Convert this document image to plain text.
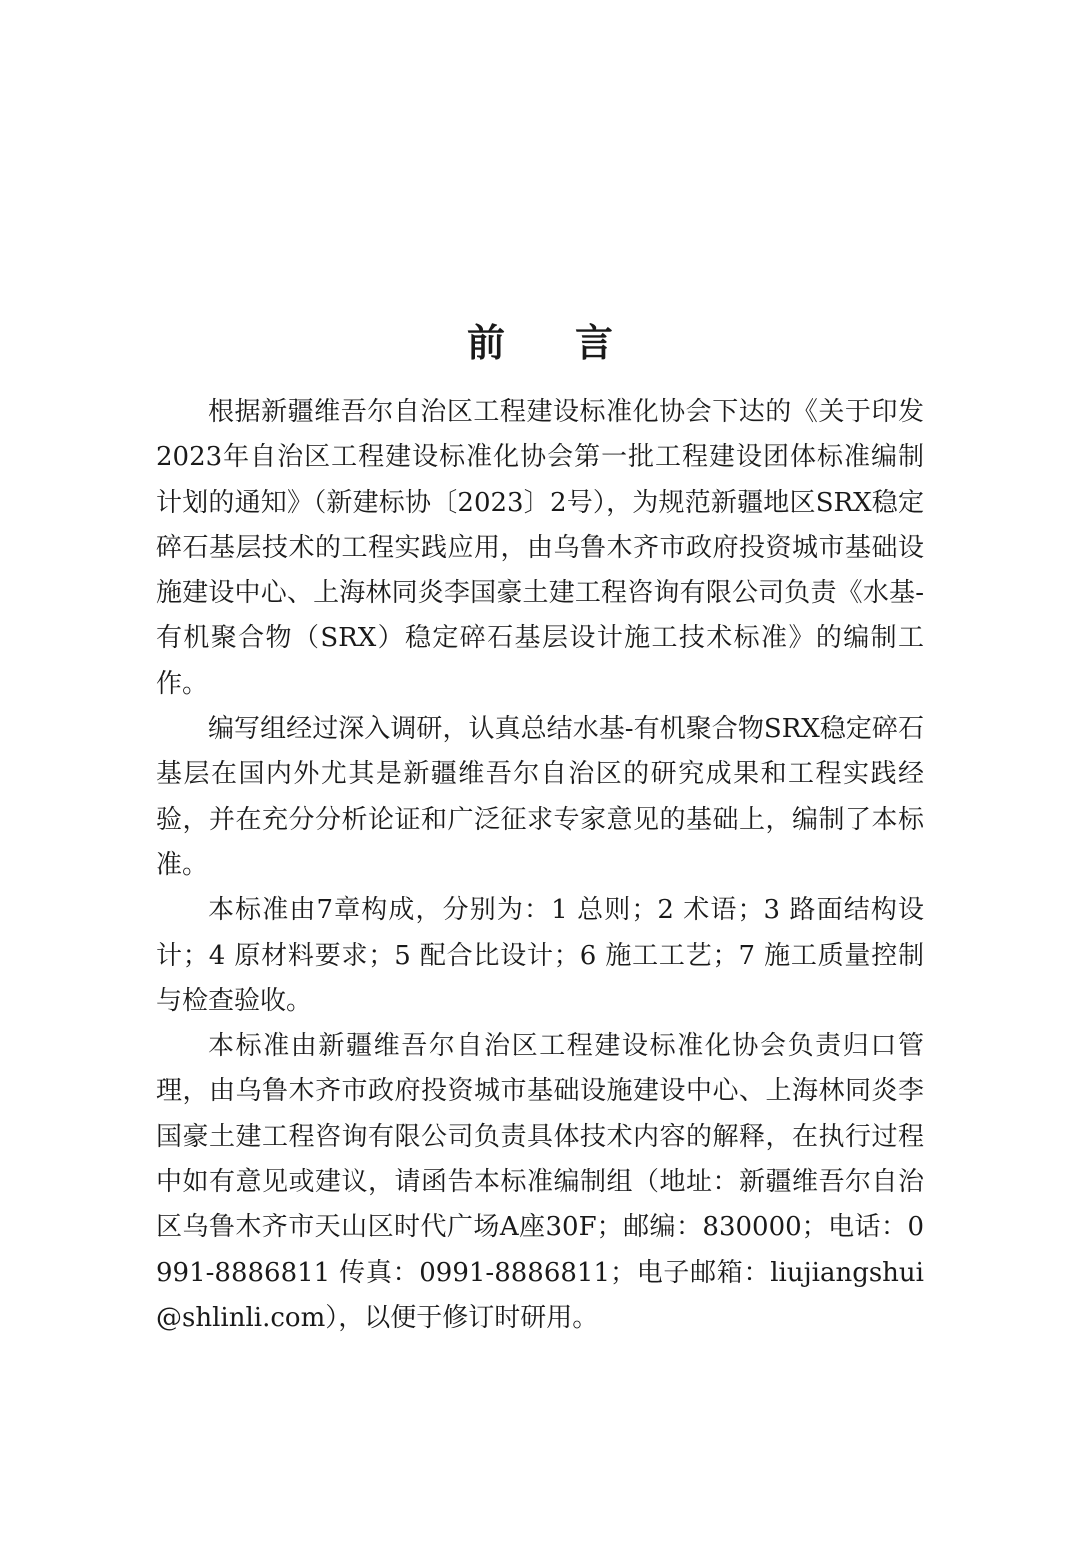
前言

根据新疆维吾尔自治区工程建设标准化协会下达的《关于印发2023年自治区工程建设标准化协会第一批工程建设团体标准编制计划的通知》（新建标协〔2023〕2号），为规范新疆地区SRX稳定碎石基层技术的工程实践应用，由乌鲁木齐市政府投资城市基础设施建设中心、上海林同炎李国豪土建工程咨询有限公司负责《水基-有机聚合物（SRX）稳定碎石基层设计施工技术标准》的编制工作。

编写组经过深入调研，认真总结水基-有机聚合物SRX稳定碎石基层在国内外尤其是新疆维吾尔自治区的研究成果和工程实践经验，并在充分分析论证和广泛征求专家意见的基础上，编制了本标准。

本标准由7章构成，分别为：1 总则；2 术语；3 路面结构设计；4 原材料要求；5 配合比设计；6 施工工艺；7 施工质量控制与检查验收。

本标准由新疆维吾尔自治区工程建设标准化协会负责归口管理，由乌鲁木齐市政府投资城市基础设施建设中心、上海林同炎李国豪土建工程咨询有限公司负责具体技术内容的解释，在执行过程中如有意见或建议，请函告本标准编制组（地址：新疆维吾尔自治区乌鲁木齐市天山区时代广场A座30F；邮编：830000；电话：0991-8886811 传真：0991-8886811；电子邮箱：liujiangshui@shlinli.com），以便于修订时研用。
